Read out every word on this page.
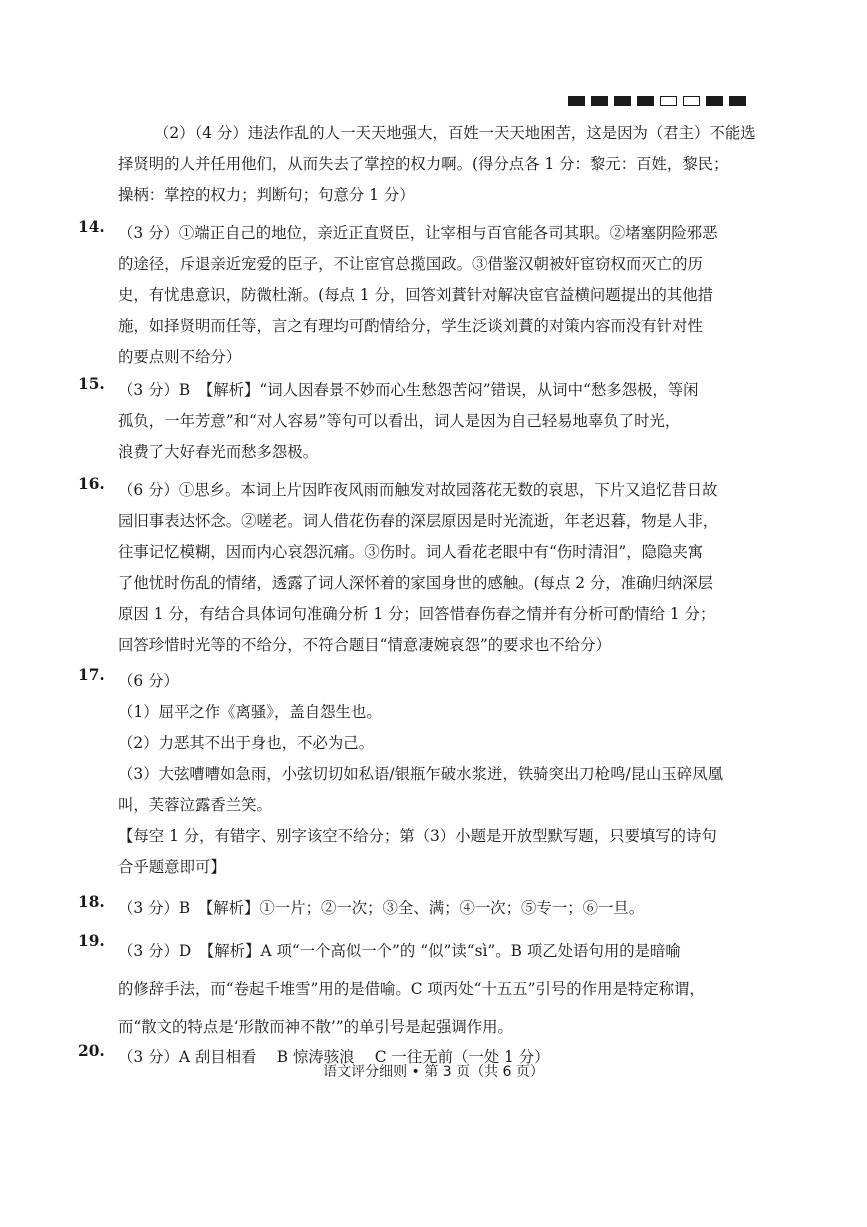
（2）（4 分）违法作乱的人一天天地强大，百姓一天天地困苦，这是因为（君主）不能选
择贤明的人并任用他们，从而失去了掌控的权力啊。(得分点各 1 分：黎元：百姓，黎民；
操柄：掌控的权力；判断句；句意分 1 分）
14. （3 分）①端正自己的地位，亲近正直贤臣，让宰相与百官能各司其职。②堵塞阴险邪恶
的途径，斥退亲近宠爱的臣子，不让宦官总揽国政。③借鉴汉朝被奸宦窃权而灭亡的历
史，有忧患意识，防微杜渐。(每点 1 分，回答刘蕡针对解决宦官益横问题提出的其他措
施，如择贤明而任等，言之有理均可酌情给分，学生泛谈刘蕡的对策内容而没有针对性
的要点则不给分）
15. （3 分）B　【解析】“词人因春景不妙而心生愁怨苦闷”错误，从词中“愁多怨极，等闲
孤负，一年芳意”和“对人容易”等句可以看出，词人是因为自己轻易地辜负了时光，
浪费了大好春光而愁多怨极。
16. （6 分）①思乡。本词上片因昨夜风雨而触发对故园落花无数的哀思，下片又追忆昔日故
园旧事表达怀念。②嗟老。词人借花伤春的深层原因是时光流逝，年老迟暮，物是人非，
往事记忆模糊，因而内心哀怨沉痛。③伤时。词人看花老眼中有“伤时清泪”，隐隐夹寓
了他忧时伤乱的情绪，透露了词人深怀着的家国身世的感触。(每点 2 分，准确归纳深层
原因 1 分，有结合具体词句准确分析 1 分；回答惜春伤春之情并有分析可酌情给 1 分；
回答珍惜时光等的不给分，不符合题目“情意凄婉哀怨”的要求也不给分）
17. （6 分）
（1）屈平之作《离骚》，盖自怨生也。
（2）力恶其不出于身也，不必为己。
（3）大弦嘈嘈如急雨，小弦切切如私语/银瓶乍破水浆迸，铁骑突出刀枪鸣/昆山玉碎凤凰
叫，芙蓉泣露香兰笑。
【每空 1 分，有错字、别字该空不给分；第（3）小题是开放型默写题，只要填写的诗句
合乎题意即可】
18. （3 分）B　【解析】①一片；②一次；③全、满；④一次；⑤专一；⑥一旦。
19.
（3 分）D　【解析】A 项“一个高似一个”的 “似”读“sì”。B 项乙处语句用的是暗喻
的修辞手法，而“卷起千堆雪”用的是借喻。C 项丙处“十五五”引号的作用是特定称谓，
而“散文的特点是‘形散而神不散’”的单引号是起强调作用。
20. （3 分）A 刮目相看　 B 惊涛骇浪　 C 一往无前（一处 1 分）
语文评分细则 • 第 3 页（共 6 页）
